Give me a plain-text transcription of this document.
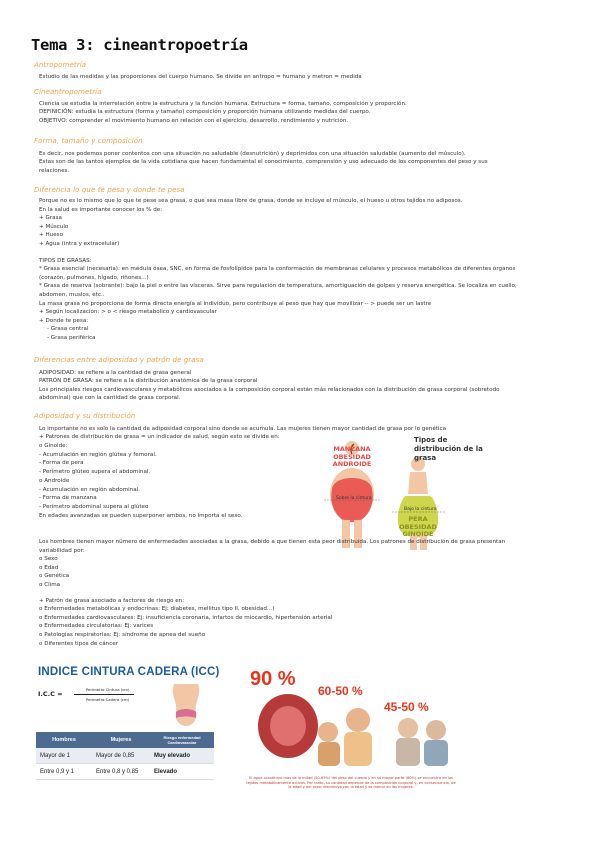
Tema 3: cineantropoetría
Antropometría
Estudio de las medidas y las proporciones del cuerpo humano. Se divide en antropo = humano y metron = medida
Cineantropometría
Ciencia ue estudia la interrelación entre la estructura y la función humana. Estructura = forma, tamaño, composición y proporción.
DEFINICIÓN: estudia la estructura (forma y tamaño) composición y proporción humana utilizando medidas del cuerpo.
OBJETIVO: comprender el movimiento humano en relación con el ejercicio, desarrollo, rendimiento y nutrición.
Forma, tamaño y composición
Es decir, nos podemos poner contentos con una situación no saludable (desnutrición) y deprimidos con una situación saludable (aumento del músculo).
Estas son de las tantos ejemplos de la vida cotidiana que hacen fundamental el conocimiento, comprensión y uso adecuado de los componentes del peso y sus
relaciones.
Diferencia lo que te pesa y donde te pesa
Porque no es lo mismo que lo que te pese sea grasa, o que sea masa libre de grasa, donde se incluye el músculo, el hueso u otros tejidos no adiposos.
En la salud es importante conocer los % de:
+ Grasa
+ Músculo
+ Hueso
+ Agua (intra y extracelular)
TIPOS DE GRASAS:
* Grasa esencial (necesaria): en médula ósea, SNC, en forma de fosfolípidos para la conformación de membranas celulares y procesos metabólicos de diferentes órganos
(corazón, pulmones, hígado, riñones...)
* Grasa de reserva (sobrante): bajo la piel o entre las vísceras. Sirve para regulación de temperatura, amortiguación de golpes y reserva energética. Se localiza en cuello,
abdomen, muslos, etc..
La masa grasa no proporciona de forma directa energía al individuo, pero contribuye al peso que hay que movilizar -- > puede ser un lastre
+ Según localización: > o < riesgo metabólico y cardiovascular
+ Donde te pesa:
- Grasa central
- Grasa periférica
Diferencias entre adiposidad y patrón de grasa
ADIPOSIDAD: se refiere a la cantidad de grasa general
PATRÓN DE GRASA: se refiere a la distribución anatómica de la grasa corporal
Los principales riesgos cardiovasculares y metabólicos asociados a la composición corporal están más relacionados con la distribución de grasa corporal (sobretodo
abdominal) que con la cantidad de grasa corporal.
Adiposidad y su distribución
Lo importante no es solo la cantidad de adiposidad corporal sino donde se acumula. Las mujeres tienen mayor cantidad de grasa por lo genética
+ Patrones de distribución de grasa = un indicador de salud, según esto se divide en:
o Ginoide:
- Acumulación en región glútea y femoral.
- Forma de pera
- Perímetro glúteo supera el abdominal.
o Androide
- Acumulación en región abdominal.
- Forma de manzana
- Perímetro abdominal supera al glúteo
En edades avanzadas se pueden superponer ambos, no importa el sexo.
Tipos de distribución de la grasa
MANZANA OBESIDAD ANDROIDE
PERA OBESIDAD GINOIDE
Sobre la cintura
Bajo la cintura
Los hombres tienen mayor número de enfermedades asociadas a la grasa, debido a que tienen esta peor distribuida. Los patrones de distribución de grasa presentan
variabilidad por:
o Sexo
o Edad
o Genética
o Clima
+ Patrón de grasa asociado a factores de riesgo en:
o Enfermedades metabólicas y endocrinas: Ej: diabetes, mellitus tipo II, obesidad...)
o Enfermedades cardiovasculares: Ej: insuficiencia coronaria, infartos de miocardio, hipertensión arterial
o Enfermedades circulatorias: Ej: varices
o Patologías respiratorias: Ej: síndrome de apnea del sueño
o Diferentes tipos de cáncer
INDICE CINTURA CADERA (ICC)
I.C.C =
Perímetro Cintura (cm)
Perímetro Cadera (cm)
Hombres	Mujeres	Riesgo enfermedad Cardiovascular
Mayor de 1	Mayor de 0,85	Muy elevado
Entre 0,9 y 1	Entre 0,8 y 0,85	Elevado
90 %
60-50 %
45-50 %
El agua constituye mas de la mitad (50-65%) del peso del cuerpo y en su mayor parte (80%) se encuentra en los tejidos metabólicamente activos. Por tanto, su cantidad depende de la composición corporal y, en consecuencia, de la edad y del sexo: disminuye con la edad y es menor en las mujeres.
